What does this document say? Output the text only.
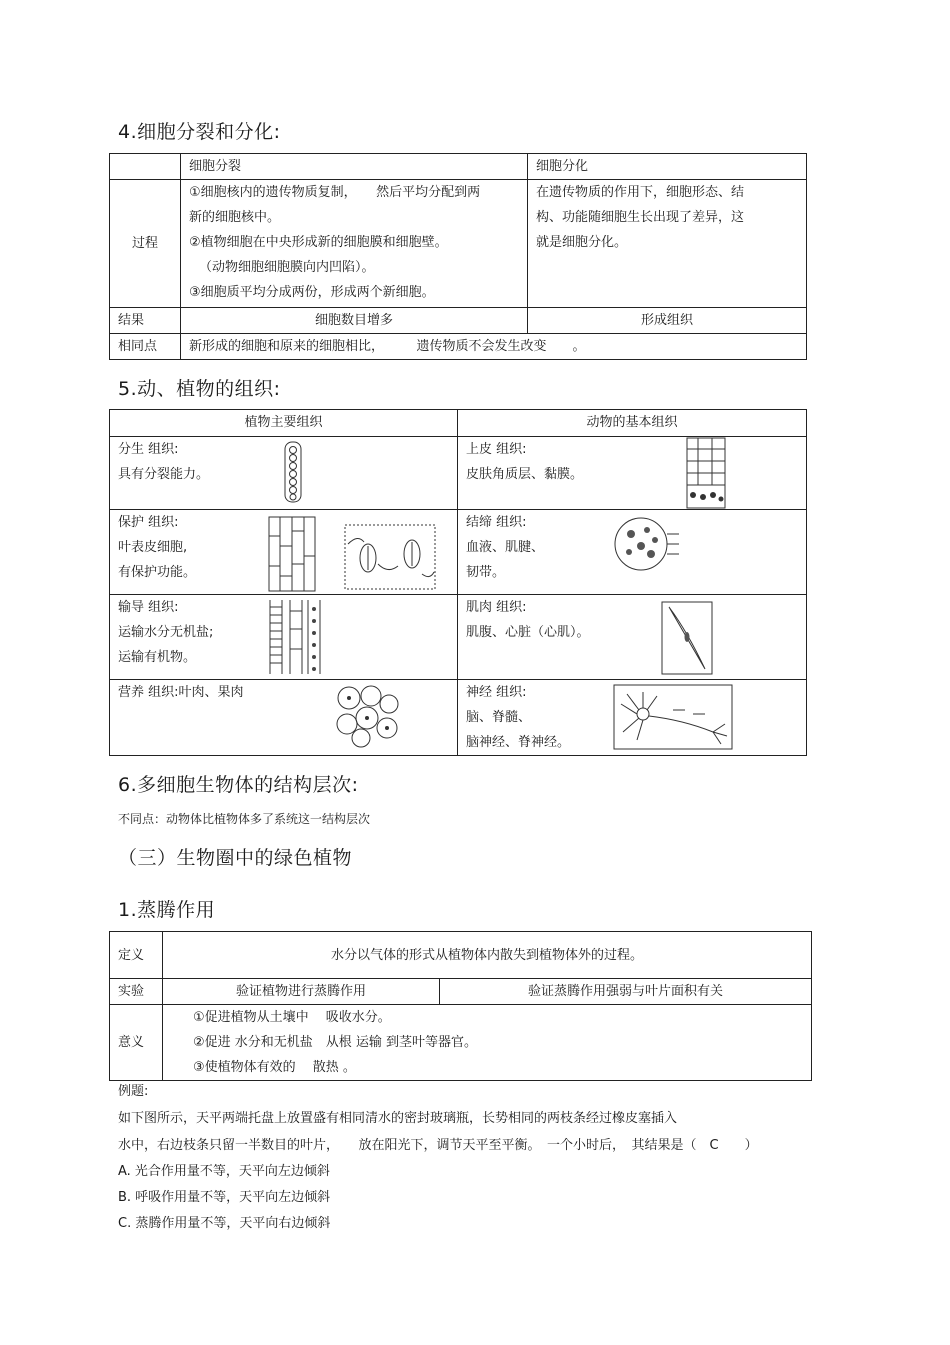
4.细胞分裂和分化:
	细胞分裂	细胞分化
过程	①细胞核内的遗传物质复制，　　然后平均分配到两
新的细胞核中。
②植物细胞在中央形成新的细胞膜和细胞壁。
（动物细胞细胞膜向内凹陷）。
③细胞质平均分成两份，形成两个新细胞。	在遗传物质的作用下，细胞形态、结
构、功能随细胞生长出现了差异，这
就是细胞分化。

结果	细胞数目增多	形成组织
相同点	新形成的细胞和原来的细胞相比，　　　遗传物质不会发生改变　　。	
5.动、植物的组织:
植物主要组织	动物的基本组织

分生 组织:
具有分裂能力。	上皮 组织:
皮肤角质层、黏膜。

保护 组织:
叶表皮细胞,
有保护功能。	结缔 组织:
血液、肌腱、
韧带。

输导 组织:
运输水分无机盐;
运输有机物。	肌肉 组织:
肌腹、心脏（心肌）。

营养 组织:叶肉、果肉	神经 组织:
脑、脊髓、
脑神经、脊神经。
6.多细胞生物体的结构层次:
不同点：动物体比植物体多了系统这一结构层次
（三）生物圈中的绿色植物
1.蒸腾作用
定义	水分以气体的形式从植物体内散失到植物体外的过程。	
实验	验证植物进行蒸腾作用	验证蒸腾作用强弱与叶片面积有关
意义	①促进植物从土壤中　 吸收水分。
②促进 水分和无机盐　从根 运输 到茎叶等器官。
③使植物体有效的　 散热 。	
例题:
如下图所示，天平两端托盘上放置盛有相同清水的密封玻璃瓶，长势相同的两枝条经过橡皮塞插入
水中，右边枝条只留一半数目的叶片，　　放在阳光下，调节天平至平衡。　一个小时后，　其结果是（　C　　）
A. 光合作用量不等，天平向左边倾斜
B. 呼吸作用量不等，天平向左边倾斜
C. 蒸腾作用量不等，天平向右边倾斜
